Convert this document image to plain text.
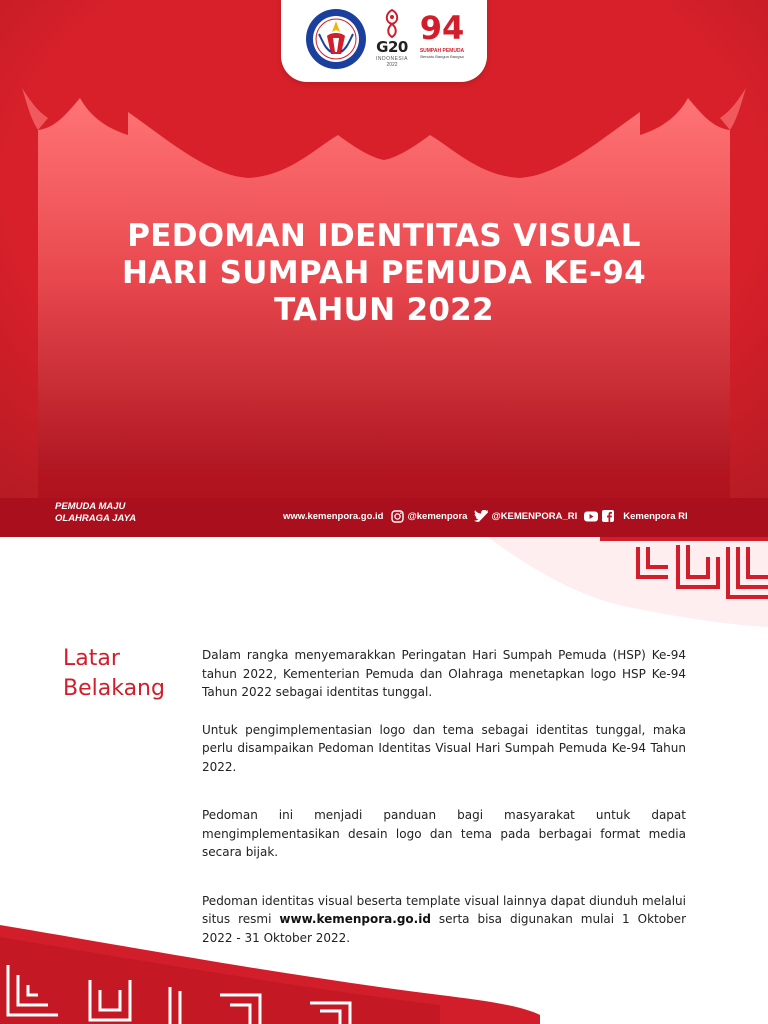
G20
INDONESIA
2022
94
SUMPAH PEMUDA
Bersatu Bangun Bangsa
PEDOMAN IDENTITAS VISUAL
HARI SUMPAH PEMUDA KE-94
TAHUN 2022
PEMUDA MAJU
OLAHRAGA JAYA	www.kemenpora.go.id	@kemenpora	@KEMENPORA_RI	Kemenpora RI
Latar
Belakang

Dalam rangka menyemarakkan Peringatan Hari Sumpah Pemuda (HSP) Ke-94 tahun 2022, Kementerian Pemuda dan Olahraga menetapkan logo HSP Ke-94 Tahun 2022 sebagai identitas tunggal.

Untuk pengimplementasian logo dan tema sebagai identitas tunggal, maka perlu disampaikan Pedoman Identitas Visual Hari Sumpah Pemuda Ke-94 Tahun 2022.

Pedoman ini menjadi panduan bagi masyarakat untuk dapat mengimplementasikan desain logo dan tema pada berbagai format media secara bijak.

Pedoman identitas visual beserta template visual lainnya dapat diunduh melalui situs resmi www.kemenpora.go.id serta bisa digunakan mulai 1 Oktober 2022 - 31 Oktober 2022.
